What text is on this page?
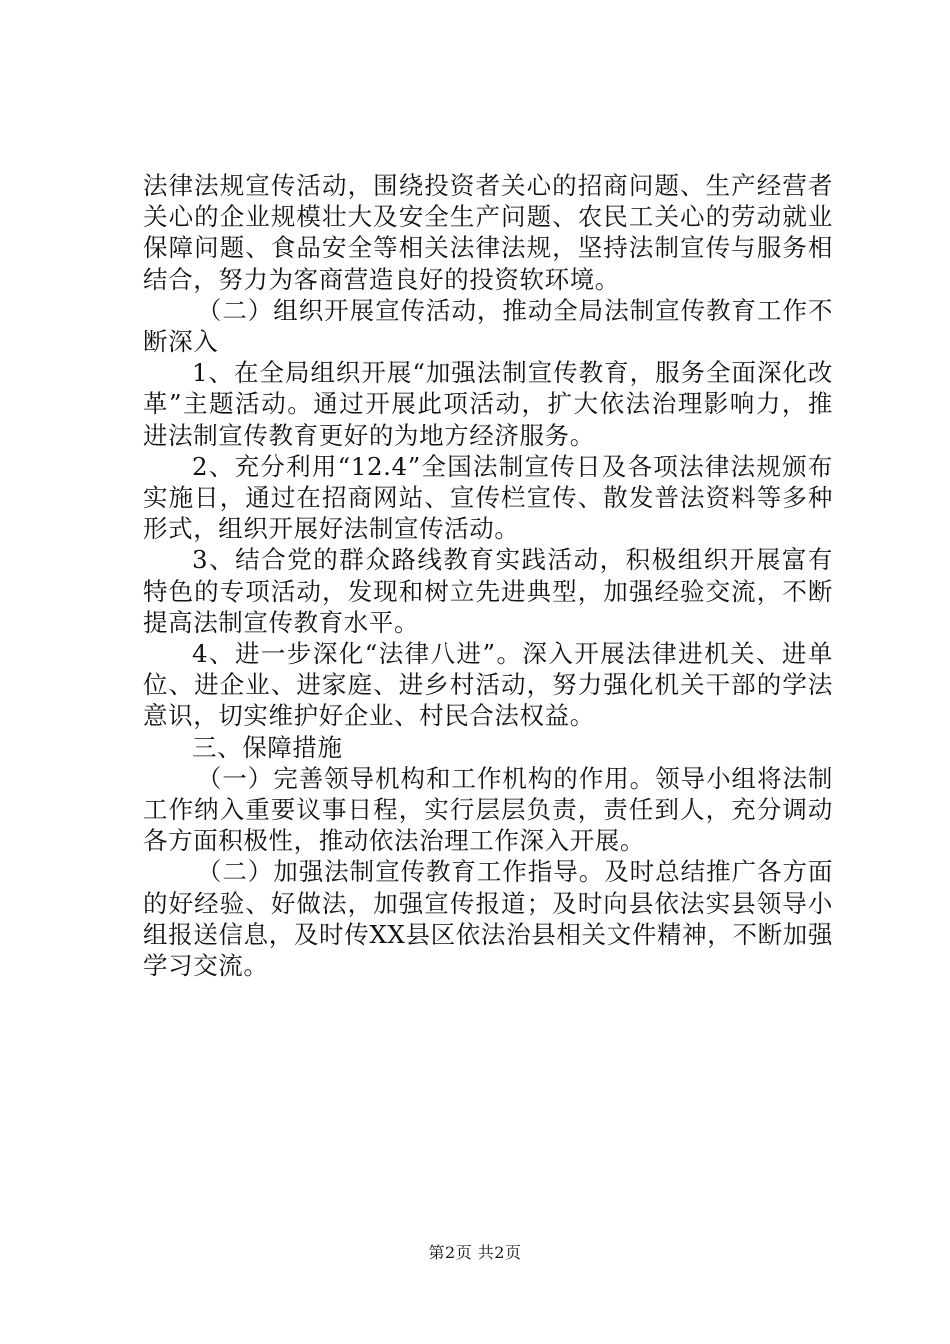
法律法规宣传活动，围绕投资者关心的招商问题、生产经营者关心的企业规模壮大及安全生产问题、农民工关心的劳动就业保障问题、食品安全等相关法律法规，坚持法制宣传与服务相结合，努力为客商营造良好的投资软环境。

（二）组织开展宣传活动，推动全局法制宣传教育工作不断深入

1、在全局组织开展“加强法制宣传教育，服务全面深化改革”主题活动。通过开展此项活动，扩大依法治理影响力，推进法制宣传教育更好的为地方经济服务。

2、充分利用“12.4”全国法制宣传日及各项法律法规颁布实施日，通过在招商网站、宣传栏宣传、散发普法资料等多种形式，组织开展好法制宣传活动。

3、结合党的群众路线教育实践活动，积极组织开展富有特色的专项活动，发现和树立先进典型，加强经验交流，不断提高法制宣传教育水平。

4、进一步深化“法律八进”。深入开展法律进机关、进单位、进企业、进家庭、进乡村活动，努力强化机关干部的学法意识，切实维护好企业、村民合法权益。

三、保障措施

（一）完善领导机构和工作机构的作用。领导小组将法制工作纳入重要议事日程，实行层层负责，责任到人，充分调动各方面积极性，推动依法治理工作深入开展。

（二）加强法制宣传教育工作指导。及时总结推广各方面的好经验、好做法，加强宣传报道；及时向县依法实县领导小组报送信息，及时传XX县区依法治县相关文件精神，不断加强学习交流。

第2页 共2页
